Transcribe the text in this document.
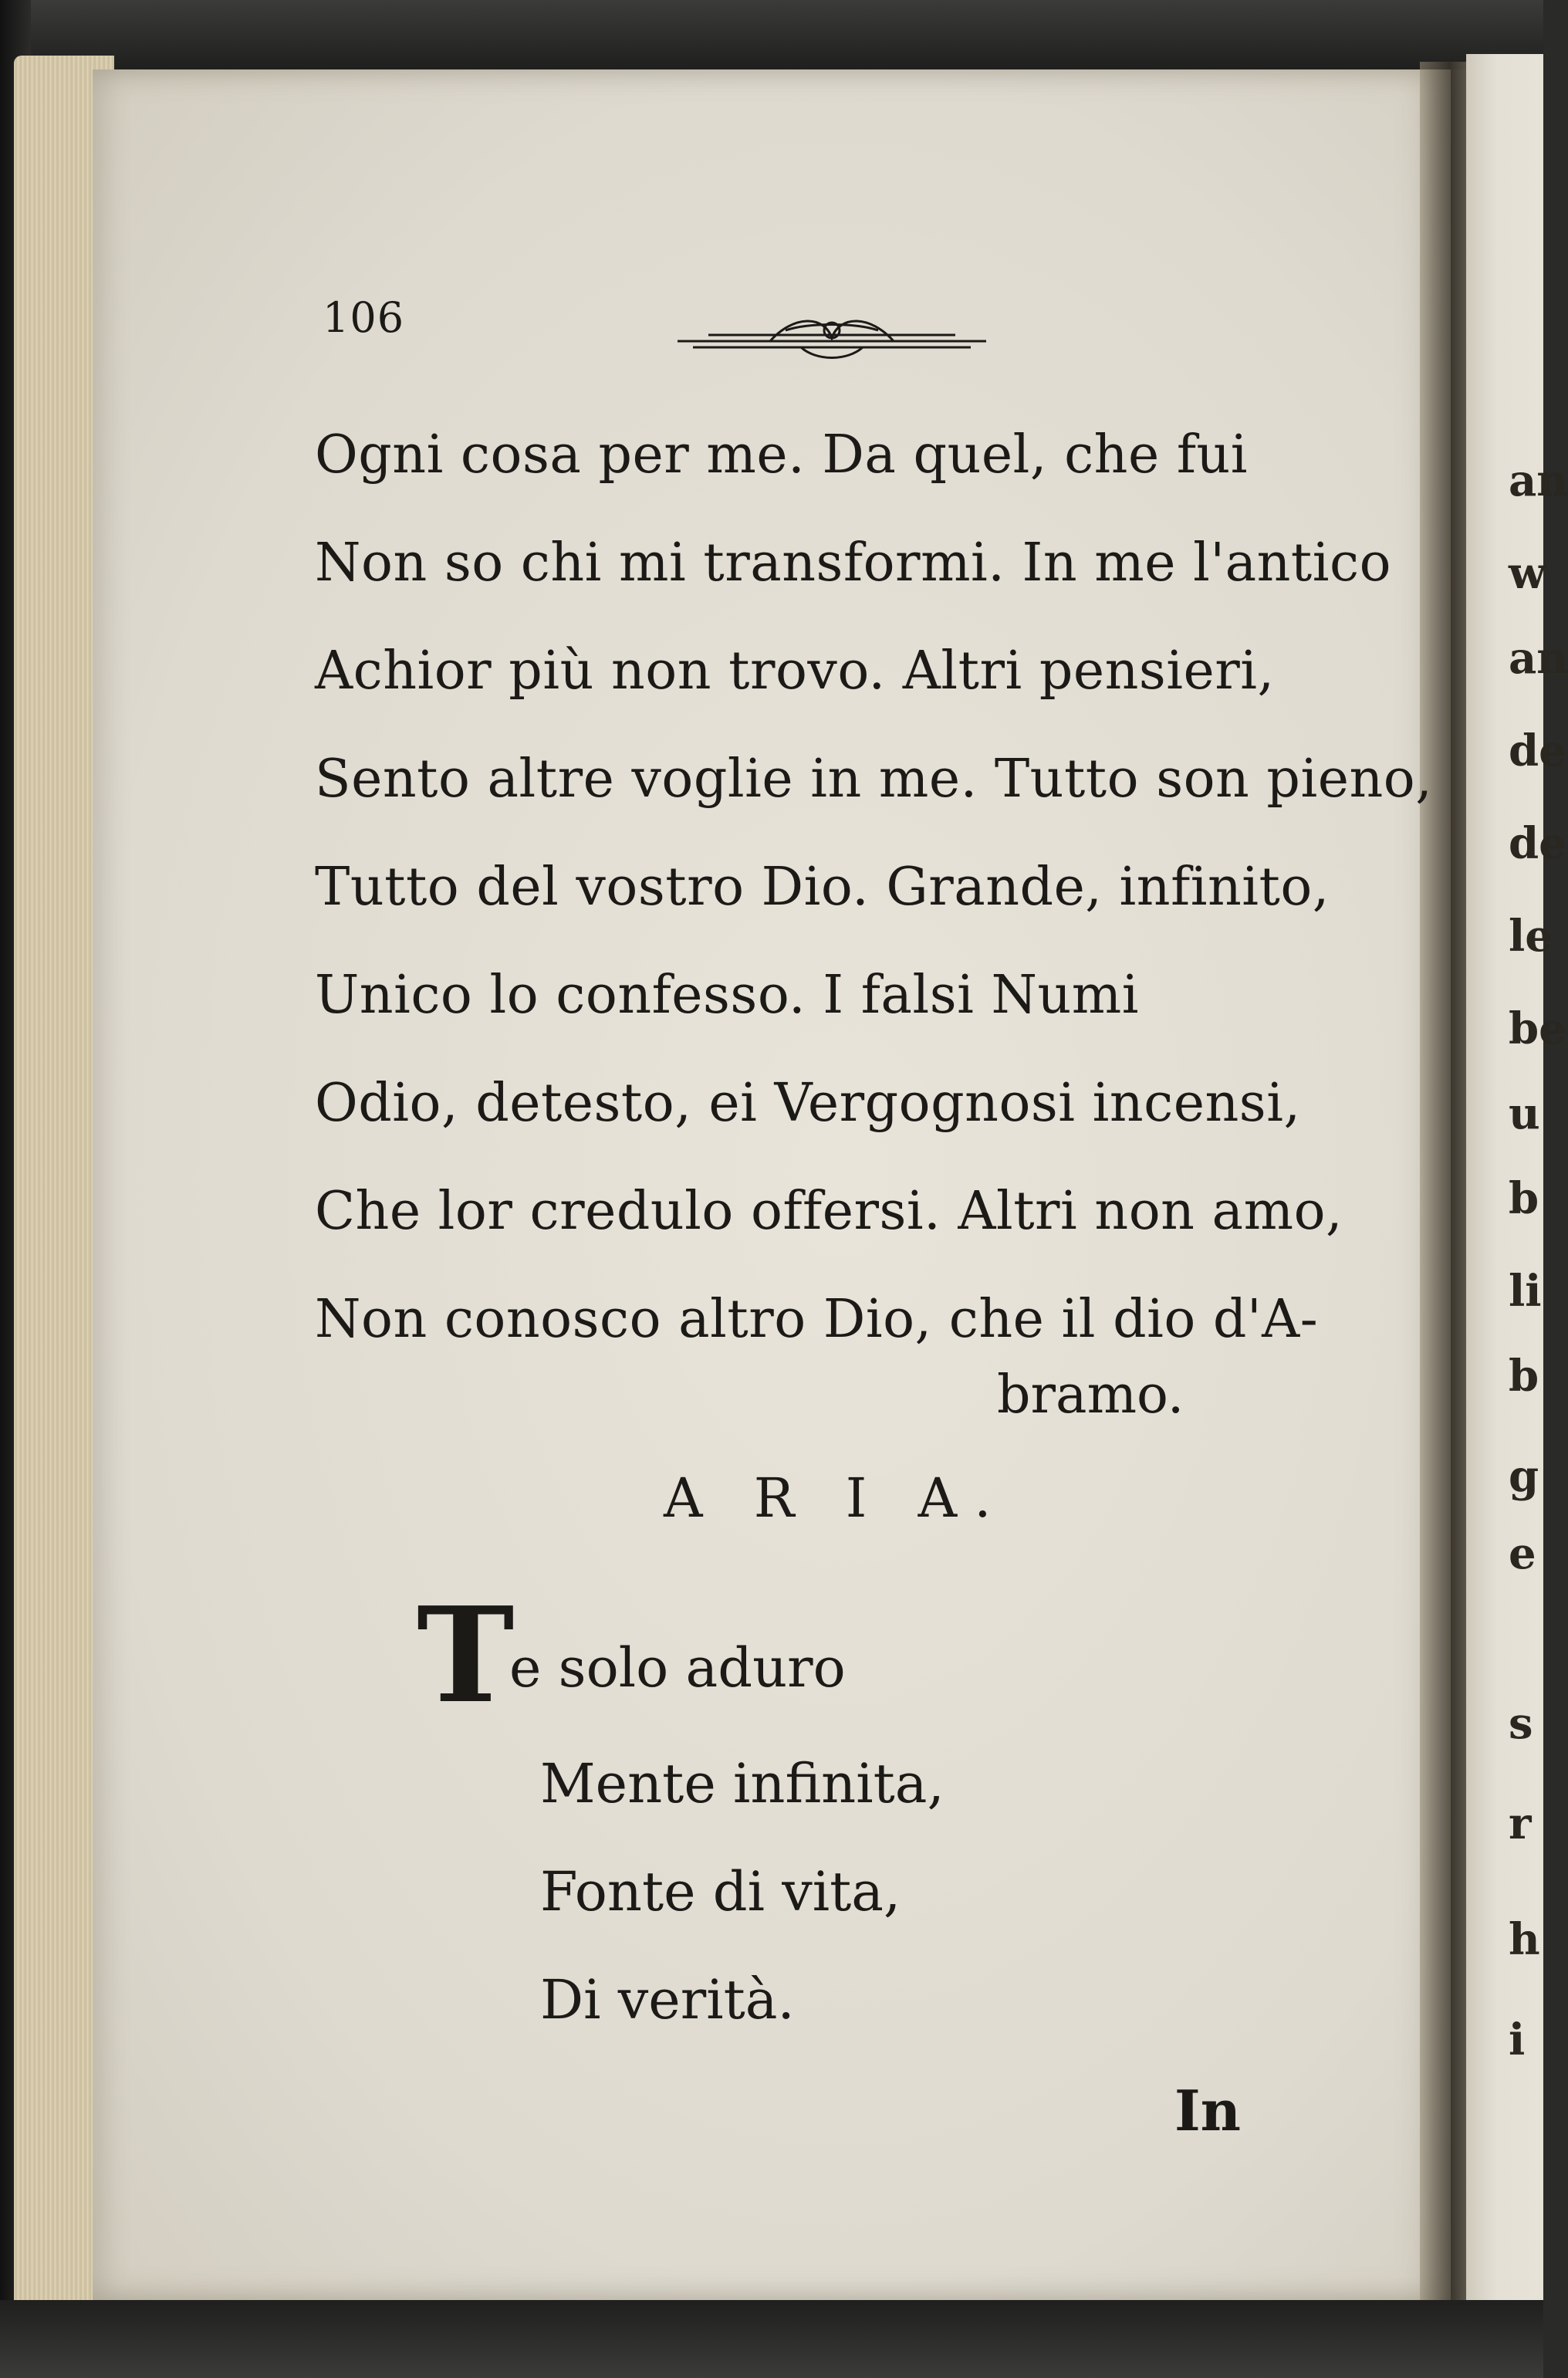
106
Ogni cosa per me. Da quel, che fui
Non so chi mi transformi. In me l'antico
Achior più non trovo. Altri pensieri,
Sento altre voglie in me. Tutto son pieno,
Tutto del vostro Dio. Grande, infinito,
Unico lo confesso. I falsi Numi
Odio, detesto, ei Vergognosi incensi,
Che lor credulo offersi. Altri non amo,
Non conosco altro Dio, che il dio d'A-
bramo.
A R I A.
T
e solo aduro
Mente infinita,
Fonte di vita,
Di verità.
In
an
w
an
de
de
le
be
u
b
li
b
g
e
s
r
h
i
